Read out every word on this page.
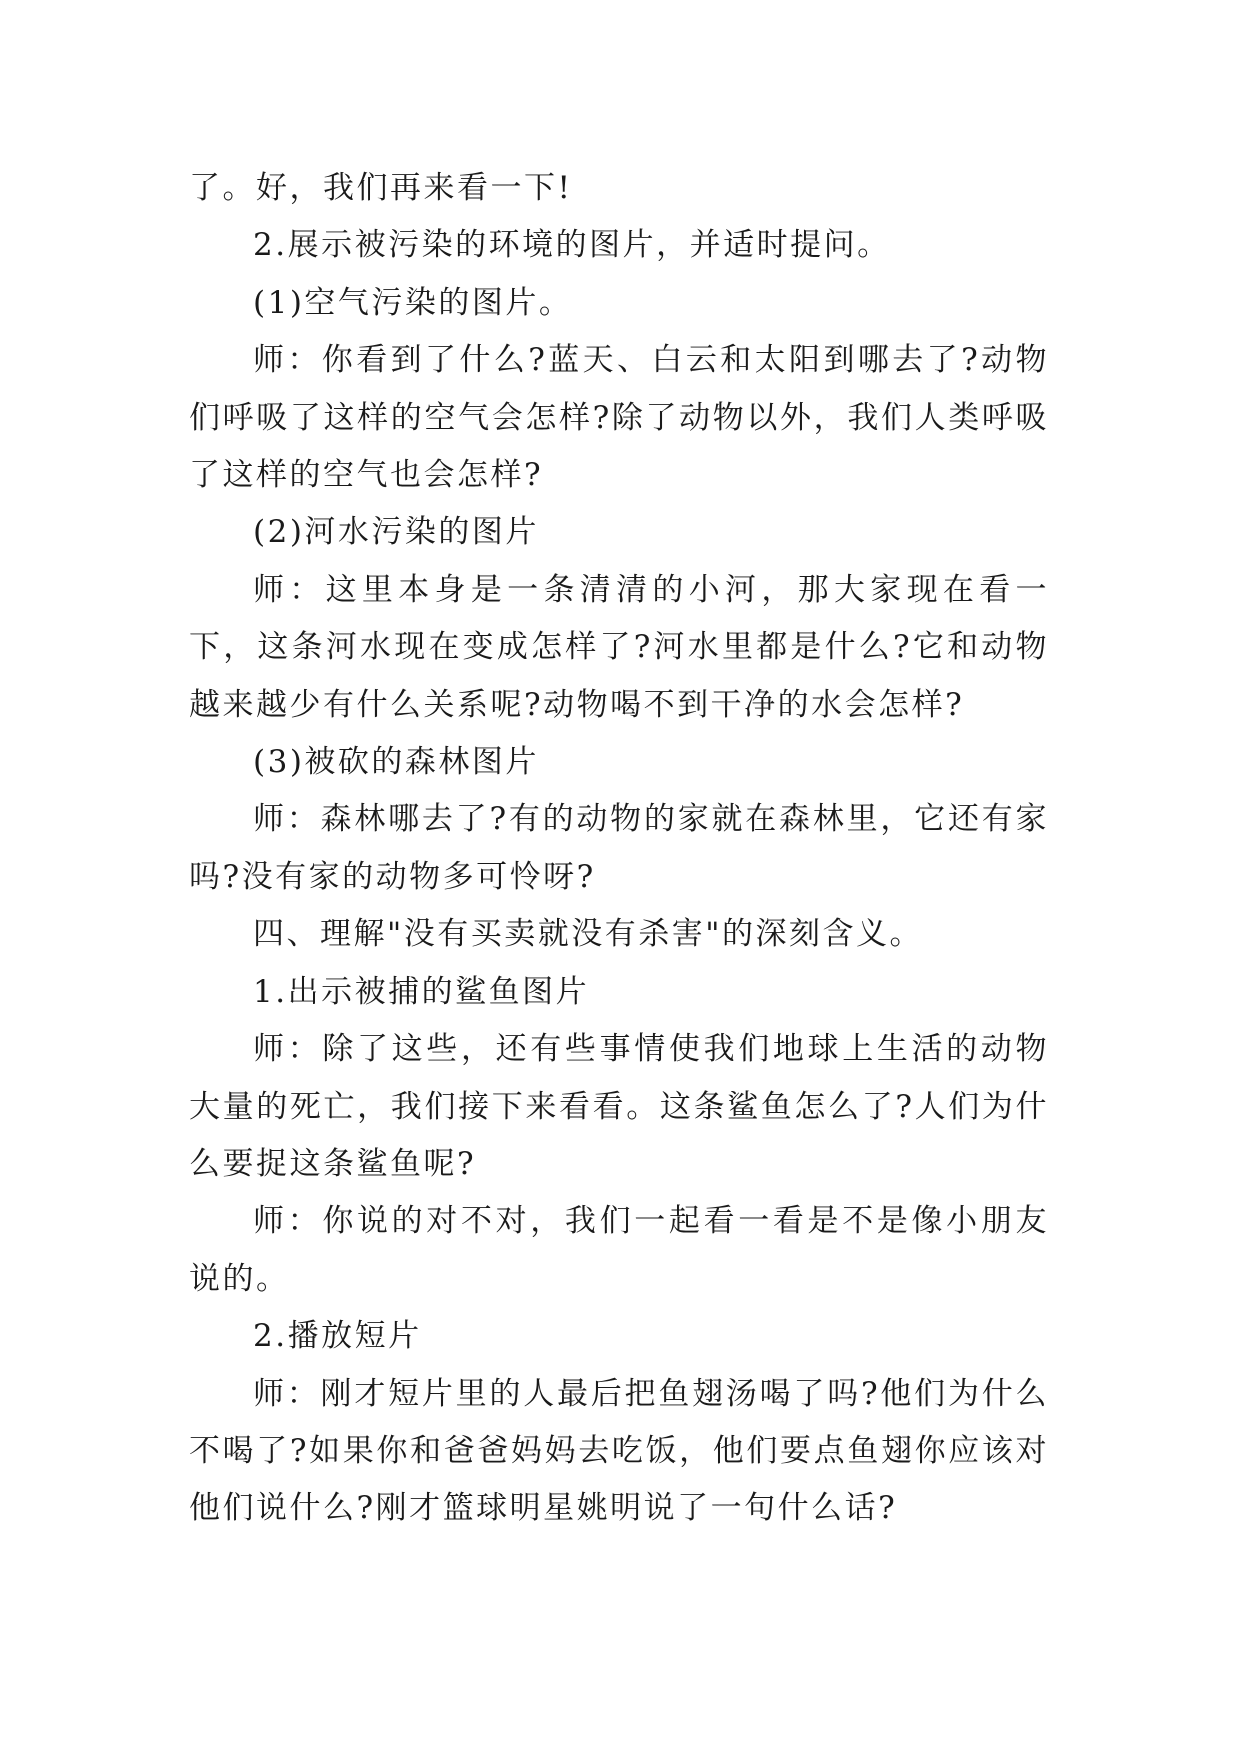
了。好，我们再来看一下!

2.展示被污染的环境的图片，并适时提问。

(1)空气污染的图片。

师：你看到了什么?蓝天、白云和太阳到哪去了?动物们呼吸了这样的空气会怎样?除了动物以外，我们人类呼吸了这样的空气也会怎样?

(2)河水污染的图片

师：这里本身是一条清清的小河，那大家现在看一下，这条河水现在变成怎样了?河水里都是什么?它和动物越来越少有什么关系呢?动物喝不到干净的水会怎样?

(3)被砍的森林图片

师：森林哪去了?有的动物的家就在森林里，它还有家吗?没有家的动物多可怜呀?

四、理解"没有买卖就没有杀害"的深刻含义。

1.出示被捕的鲨鱼图片

师：除了这些，还有些事情使我们地球上生活的动物大量的死亡，我们接下来看看。这条鲨鱼怎么了?人们为什么要捉这条鲨鱼呢?

师：你说的对不对，我们一起看一看是不是像小朋友说的。

2.播放短片

师：刚才短片里的人最后把鱼翅汤喝了吗?他们为什么不喝了?如果你和爸爸妈妈去吃饭，他们要点鱼翅你应该对他们说什么?刚才篮球明星姚明说了一句什么话?
